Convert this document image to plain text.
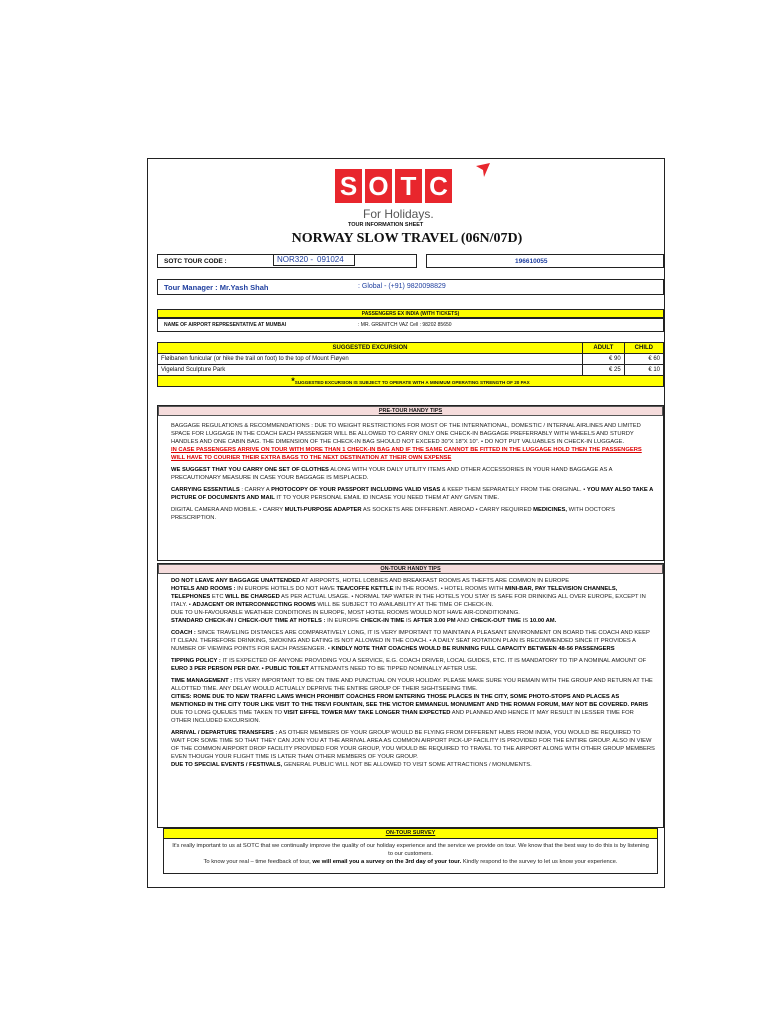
S O T C
For Holidays.
TOUR INFORMATION SHEET
NORWAY SLOW TRAVEL (06N/07D)
SOTC TOUR CODE :	NOR320 - 091024	196610055
Tour Manager : Mr.Yash Shah	: Global - (+91) 9820098829
PASSENGERS EX INDIA (WITH TICKETS)
NAME OF AIRPORT REPRESENTATIVE AT MUMBAI	: MR. GRENITCH VAZ Cell : 98202 85650
SUGGESTED EXCURSION	ADULT	CHILD
Fløibanen funicular (or hike the trail on foot) to the top of Mount Fløyen	€ 90	€ 60
Vigeland Sculpture Park	€ 25	€ 10
*SUGGESTED EXCURSION IS SUBJECT TO OPERATE WITH A MINIMUM OPERATING STRENGTH OF 20 PAX		
PRE-TOUR HANDY TIPS
BAGGAGE REGULATIONS & RECOMMENDATIONS : DUE TO WEIGHT RESTRICTIONS FOR MOST OF THE INTERNATIONAL, DOMESTIC / INTERNAL AIRLINES AND LIMITED SPACE FOR LUGGAGE IN THE COACH EACH PASSENGER WILL BE ALLOWED TO CARRY ONLY ONE CHECK-IN BAGGAGE PREFERRABLY WITH WHEELS AND STURDY HANDLES AND ONE CABIN BAG. THE DIMENSION OF THE CHECK-IN BAG SHOULD NOT EXCEED 30"X 18"X 10". • DO NOT PUT VALUABLES IN CHECK-IN LUGGAGE.
IN CASE PASSENGERS ARRIVE ON TOUR WITH MORE THAN 1 CHECK-IN BAG AND IF THE SAME CANNOT BE FITTED IN THE LUGGAGE HOLD THEN THE PASSENGERS WILL HAVE TO COURIER THEIR EXTRA BAGS TO THE NEXT DESTINATION AT THEIR OWN EXPENSE
WE SUGGEST THAT YOU CARRY ONE SET OF CLOTHES ALONG WITH YOUR DAILY UTILITY ITEMS AND OTHER ACCESSORIES IN YOUR HAND BAGGAGE AS A PRECAUTIONARY MEASURE IN CASE YOUR BAGGAGE IS MISPLACED.
CARRYING ESSENTIALS : CARRY A PHOTOCOPY OF YOUR PASSPORT INCLUDING VALID VISAS & KEEP THEM SEPARATELY FROM THE ORIGINAL. • YOU MAY ALSO TAKE A PICTURE OF DOCUMENTS AND MAIL IT TO YOUR PERSONAL EMAIL ID INCASE YOU NEED THEM AT ANY GIVEN TIME.
DIGITAL CAMERA AND MOBILE. • CARRY MULTI-PURPOSE ADAPTER AS SOCKETS ARE DIFFERENT. ABROAD • CARRY REQUIRED MEDICINES, WITH DOCTOR'S PRESCRIPTION.
ON-TOUR HANDY TIPS
DO NOT LEAVE ANY BAGGAGE UNATTENDED AT AIRPORTS, HOTEL LOBBIES AND BREAKFAST ROOMS AS THEFTS ARE COMMON IN EUROPE
HOTELS AND ROOMS : IN EUROPE HOTELS DO NOT HAVE TEA/COFFE KETTLE IN THE ROOMS. • HOTEL ROOMS WITH MINI-BAR, PAY TELEVISION CHANNELS, TELEPHONES ETC WILL BE CHARGED AS PER ACTUAL USAGE. • NORMAL TAP WATER IN THE HOTELS YOU STAY IS SAFE FOR DRINKING ALL OVER EUROPE, EXCEPT IN ITALY. • ADJACENT OR INTERCONNECTING ROOMS WILL BE SUBJECT TO AVAILABILITY AT THE TIME OF CHECK-IN.
DUE TO UN-FAVOURABLE WEATHER CONDITIONS IN EUROPE, MOST HOTEL ROOMS WOULD NOT HAVE AIR-CONDITIONING.
STANDARD CHECK-IN / CHECK-OUT TIME AT HOTELS : IN EUROPE CHECK-IN TIME IS AFTER 3.00 PM AND CHECK-OUT TIME IS 10.00 AM.
COACH : SINCE TRAVELING DISTANCES ARE COMPARATIVELY LONG, IT IS VERY IMPORTANT TO MAINTAIN A PLEASANT ENVIRONMENT ON BOARD THE COACH AND KEEP IT CLEAN. THEREFORE DRINKING, SMOKING AND EATING IS NOT ALLOWED IN THE COACH. • A DAILY SEAT ROTATION PLAN IS RECOMMENDED SINCE IT PROVIDES A NUMBER OF VIEWING POINTS FOR EACH PASSENGER. • KINDLY NOTE THAT COACHES WOULD BE RUNNING FULL CAPACITY BETWEEN 48-56 PASSENGERS
TIPPING POLICY : IT IS EXPECTED OF ANYONE PROVIDING YOU A SERVICE, E.G. COACH DRIVER, LOCAL GUIDES, ETC. IT IS MANDATORY TO TIP A NOMINAL AMOUNT OF EURO 3 PER PERSON PER DAY. • PUBLIC TOILET ATTENDANTS NEED TO BE TIPPED NOMINALLY AFTER USE.
TIME MANAGEMENT : ITS VERY IMPORTANT TO BE ON TIME AND PUNCTUAL ON YOUR HOLIDAY. PLEASE MAKE SURE YOU REMAIN WITH THE GROUP AND RETURN AT THE ALLOTTED TIME. ANY DELAY WOULD ACTUALLY DEPRIVE THE ENTIRE GROUP OF THEIR SIGHTSEEING TIME.
CITIES: ROME DUE TO NEW TRAFFIC LAWS WHICH PROHIBIT COACHES FROM ENTERING THOSE PLACES IN THE CITY, SOME PHOTO-STOPS AND PLACES AS MENTIONED IN THE CITY TOUR LIKE VISIT TO THE TREVI FOUNTAIN, SEE THE VICTOR EMMANEUL MONUMENT AND THE ROMAN FORUM, MAY NOT BE COVERED. PARIS DUE TO LONG QUEUES TIME TAKEN TO VISIT EIFFEL TOWER MAY TAKE LONGER THAN EXPECTED AND PLANNED AND HENCE IT MAY RESULT IN LESSER TIME FOR OTHER INCLUDED EXCURSION.
ARRIVAL / DEPARTURE TRANSFERS : AS OTHER MEMBERS OF YOUR GROUP WOULD BE FLYING FROM DIFFERENT HUBS FROM INDIA, YOU WOULD BE REQUIRED TO WAIT FOR SOME TIME SO THAT THEY CAN JOIN YOU AT THE ARRIVAL AREA AS COMMON AIRPORT PICK-UP FACILITY IS PROVIDED FOR THE ENTIRE GROUP. ALSO IN VIEW OF THE COMMON AIRPORT DROP FACILITY PROVIDED FOR YOUR GROUP, YOU WOULD BE REQUIRED TO TRAVEL TO THE AIRPORT ALONG WITH OTHER GROUP MEMBERS EVEN THOUGH YOUR FLIGHT TIME IS LATER THAN OTHER MEMBERS OF YOUR GROUP.
DUE TO SPECIAL EVENTS / FESTIVALS, GENERAL PUBLIC WILL NOT BE ALLOWED TO VISIT SOME ATTRACTIONS / MONUMENTS.
ON-TOUR SURVEY
It's really important to us at SOTC that we continually improve the quality of our holiday experience and the service we provide on tour. We know that the best way to do this is by listening to our customers.
To know your real – time feedback of tour, we will email you a survey on the 3rd day of your tour. Kindly respond to the survey to let us know your experience.
